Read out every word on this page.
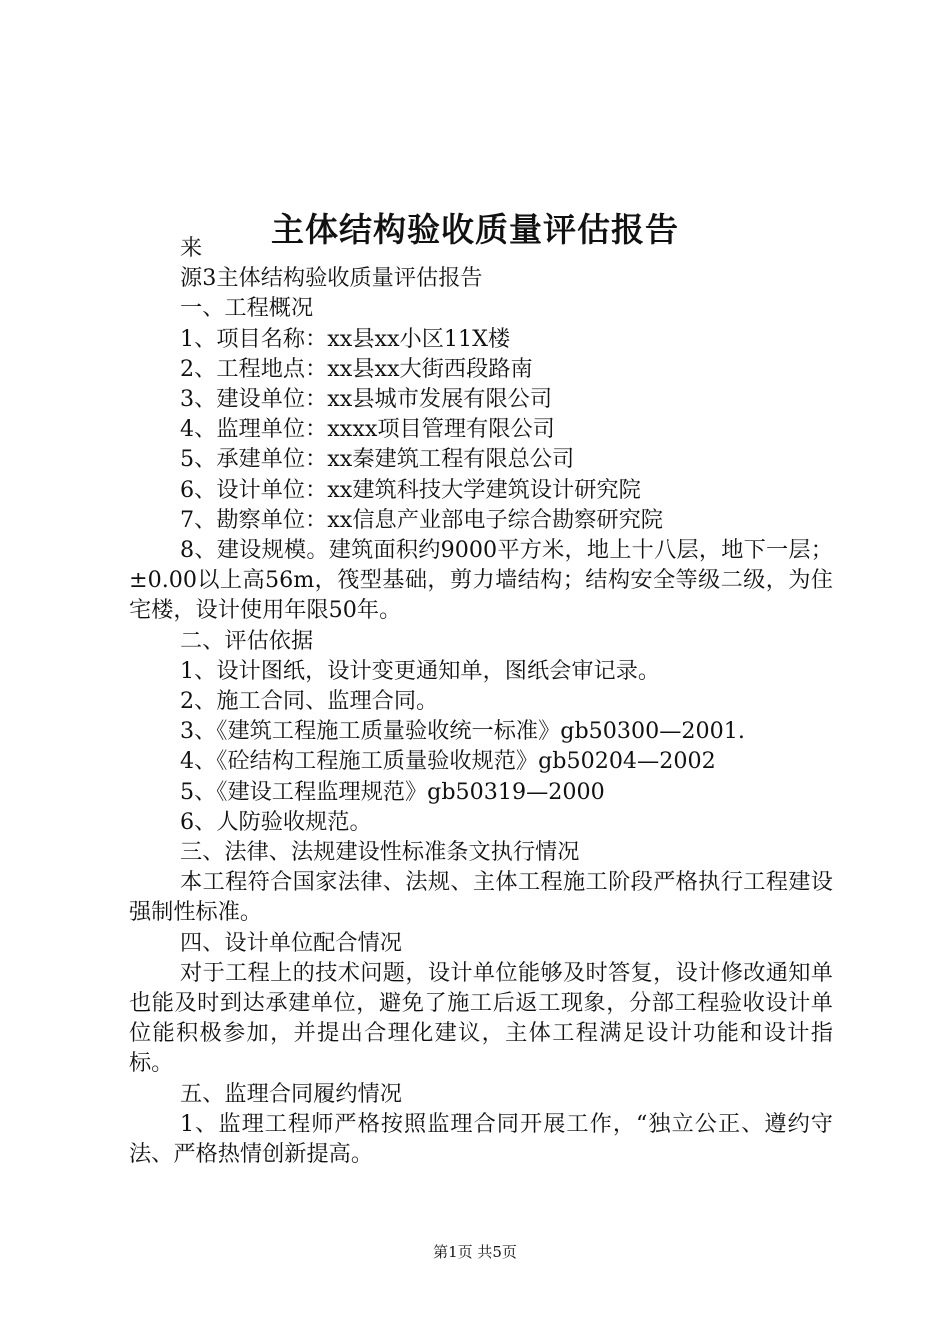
主体结构验收质量评估报告

来

源3主体结构验收质量评估报告

一、工程概况

1、项目名称：xx县xx小区11X楼

2、工程地点：xx县xx大街西段路南

3、建设单位：xx县城市发展有限公司

4、监理单位：xxxx项目管理有限公司

5、承建单位：xx秦建筑工程有限总公司

6、设计单位：xx建筑科技大学建筑设计研究院

7、勘察单位：xx信息产业部电子综合勘察研究院

8、建设规模。建筑面积约9000平方米，地上十八层，地下一层；±0.00以上高56m，筏型基础，剪力墙结构；结构安全等级二级，为住宅楼，设计使用年限50年。

二、评估依据

1、设计图纸，设计变更通知单，图纸会审记录。

2、施工合同、监理合同。

3、《建筑工程施工质量验收统一标准》gb50300—2001.

4、《砼结构工程施工质量验收规范》gb50204—2002

5、《建设工程监理规范》gb50319—2000

6、人防验收规范。

三、法律、法规建设性标准条文执行情况

本工程符合国家法律、法规、主体工程施工阶段严格执行工程建设强制性标准。

四、设计单位配合情况

对于工程上的技术问题，设计单位能够及时答复，设计修改通知单也能及时到达承建单位，避免了施工后返工现象，分部工程验收设计单位能积极参加，并提出合理化建议，主体工程满足设计功能和设计指标。

五、监理合同履约情况

1、监理工程师严格按照监理合同开展工作，“独立公正、遵约守法、严格热情创新提高。

第1页 共5页
